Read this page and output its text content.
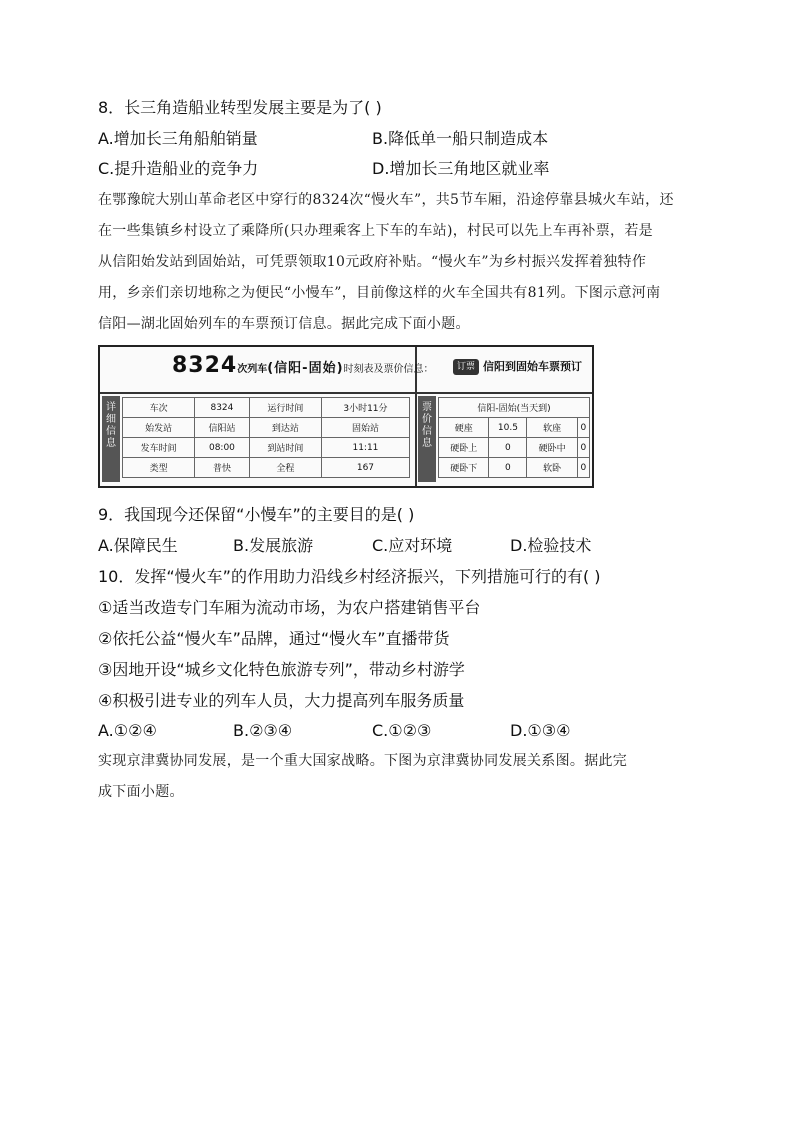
8．长三角造船业转型发展主要是为了( )
A.增加长三角船舶销量	B.降低单一船只制造成本
C.提升造船业的竞争力	D.增加长三角地区就业率
在鄂豫皖大别山革命老区中穿行的8324次“慢火车”，共5节车厢，沿途停靠县城火车站，还
在一些集镇乡村设立了乘降所(只办理乘客上下车的车站)，村民可以先上车再补票，若是
从信阳始发站到固始站，可凭票领取10元政府补贴。“慢火车”为乡村振兴发挥着独特作
用，乡亲们亲切地称之为便民“小慢车”，目前像这样的火车全国共有81列。下图示意河南
信阳—湖北固始列车的车票预订信息。据此完成下面小题。
8324次列车(信阳-固始)时刻表及票价信息：	订票 信阳到固始车票预订
详细信息
车次	8324	运行时间	3小时11分
始发站	信阳站	到达站	固始站
发车时间	08:00	到站时间	11:11
类型	普快	全程	167
票价信息
信阳-固始(当天到)			
硬座	10.5	软座	0
硬卧上	0	硬卧中	0
硬卧下	0	软卧	0
9．我国现今还保留“小慢车”的主要目的是( )
A.保障民生	B.发展旅游	C.应对环境	D.检验技术
10．发挥“慢火车”的作用助力沿线乡村经济振兴，下列措施可行的有( )
①适当改造专门车厢为流动市场，为农户搭建销售平台
②依托公益“慢火车”品牌，通过“慢火车”直播带货
③因地开设“城乡文化特色旅游专列”，带动乡村游学
④积极引进专业的列车人员，大力提高列车服务质量
A.①②④	B.②③④	C.①②③	D.①③④
实现京津冀协同发展，是一个重大国家战略。下图为京津冀协同发展关系图。据此完
成下面小题。
